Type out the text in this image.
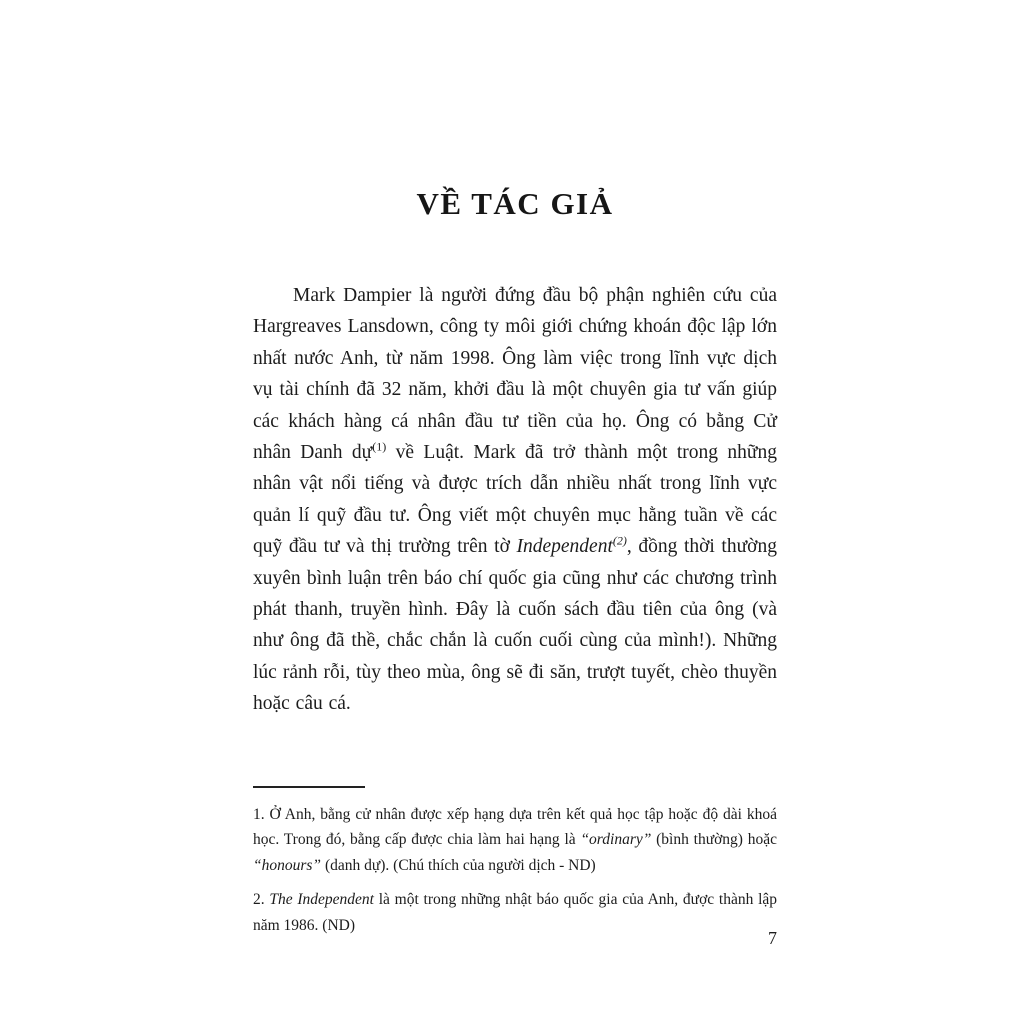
VỀ TÁC GIẢ

Mark Dampier là người đứng đầu bộ phận nghiên cứu của Hargreaves Lansdown, công ty môi giới chứng khoán độc lập lớn nhất nước Anh, từ năm 1998. Ông làm việc trong lĩnh vực dịch vụ tài chính đã 32 năm, khởi đầu là một chuyên gia tư vấn giúp các khách hàng cá nhân đầu tư tiền của họ. Ông có bằng Cử nhân Danh dự$^{(1)}$ về Luật. Mark đã trở thành một trong những nhân vật nổi tiếng và được trích dẫn nhiều nhất trong lĩnh vực quản lí quỹ đầu tư. Ông viết một chuyên mục hằng tuần về các quỹ đầu tư và thị trường trên tờ Independent$^{(2)}$, đồng thời thường xuyên bình luận trên báo chí quốc gia cũng như các chương trình phát thanh, truyền hình. Đây là cuốn sách đầu tiên của ông (và như ông đã thề, chắc chắn là cuốn cuối cùng của mình!). Những lúc rảnh rỗi, tùy theo mùa, ông sẽ đi săn, trượt tuyết, chèo thuyền hoặc câu cá.

1. Ở Anh, bằng cử nhân được xếp hạng dựa trên kết quả học tập hoặc độ dài khoá học. Trong đó, bằng cấp được chia làm hai hạng là “ordinary” (bình thường) hoặc “honours” (danh dự). (Chú thích của người dịch - ND)

2. The Independent là một trong những nhật báo quốc gia của Anh, được thành lập năm 1986. (ND)

7
